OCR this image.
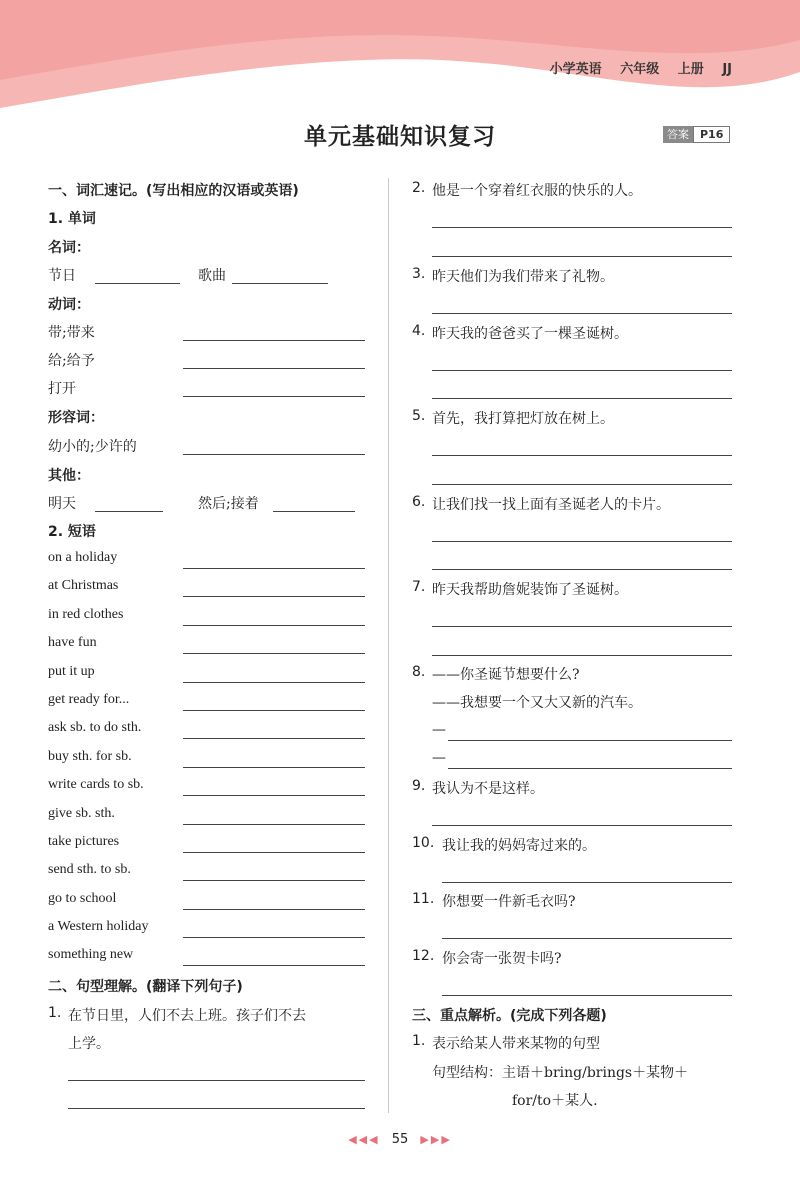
小学英语 六年级 上册 JJ
单元基础知识复习	答案	P16
一、词汇速记。(写出相应的汉语或英语)
1. 单词
名词：
节日	歌曲
动词：
带;带来
给;给予
打开
形容词：
幼小的;少许的
其他：
明天	然后;接着
2. 短语
on a holiday
at Christmas
in red clothes
have fun
put it up
get ready for...
ask sb. to do sth.
buy sth. for sb.
write cards to sb.
give sb. sth.
take pictures
send sth. to sb.
go to school
a Western holiday
something new
二、句型理解。(翻译下列句子)
1. 在节日里，人们不去上班。孩子们不去
上学。
2. 他是一个穿着红衣服的快乐的人。
3. 昨天他们为我们带来了礼物。
4. 昨天我的爸爸买了一棵圣诞树。
5. 首先，我打算把灯放在树上。
6. 让我们找一找上面有圣诞老人的卡片。
7. 昨天我帮助詹妮装饰了圣诞树。
8. ——你圣诞节想要什么?
——我想要一个又大又新的汽车。
—
—
9. 我认为不是这样。
10. 我让我的妈妈寄过来的。
11. 你想要一件新毛衣吗?
12. 你会寄一张贺卡吗?
三、重点解析。(完成下列各题)
1. 表示给某人带来某物的句型
句型结构：主语＋bring/brings＋某物＋
for/to＋某人.
◀◀◀ 55 ▶▶▶
